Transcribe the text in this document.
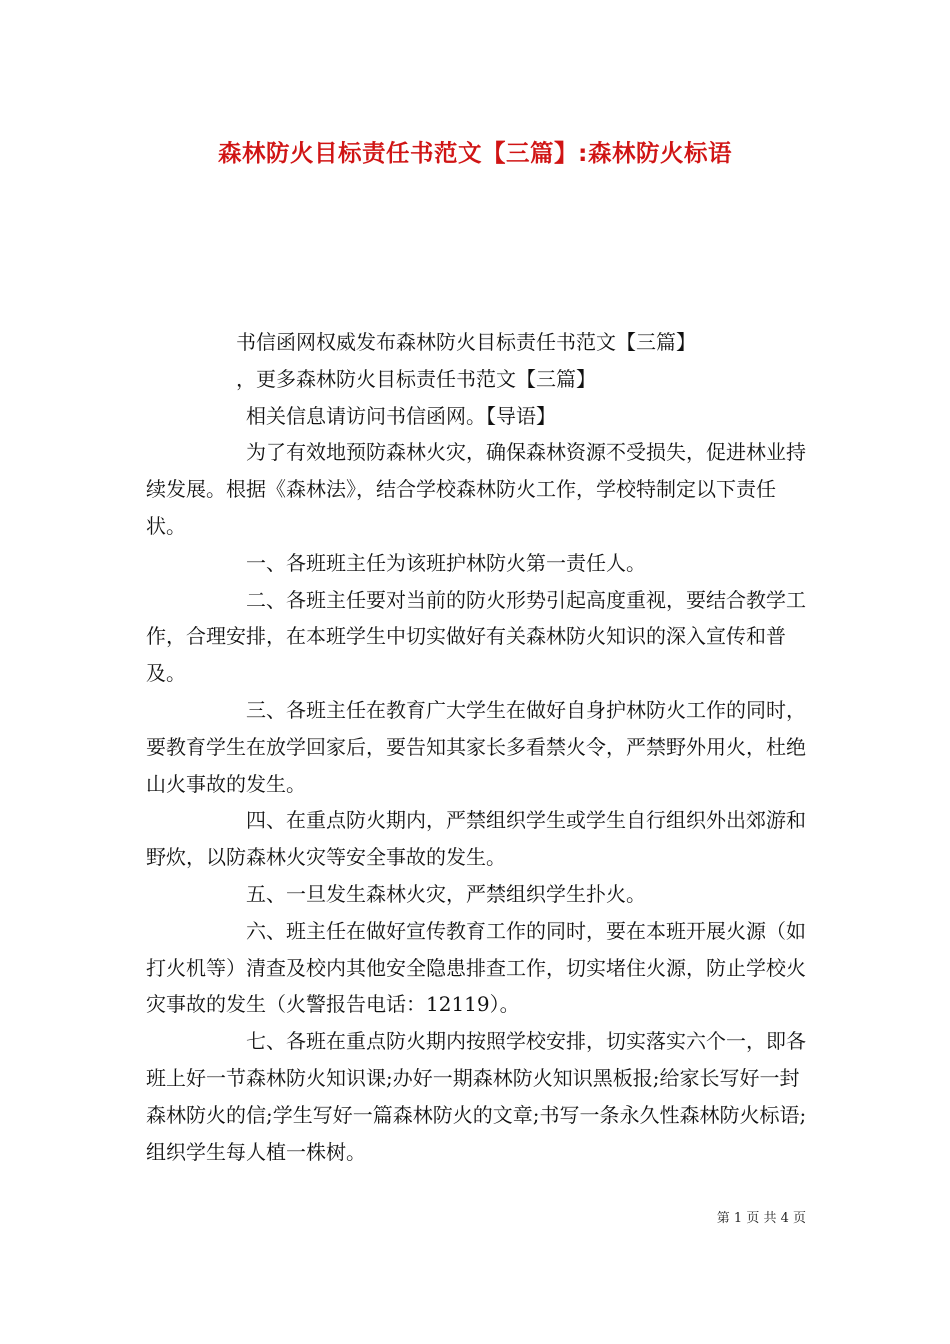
森林防火目标责任书范文【三篇】:森林防火标语

书信函网权威发布森林防火目标责任书范文【三篇】

，更多森林防火目标责任书范文【三篇】

相关信息请访问书信函网。【导语】

为了有效地预防森林火灾，确保森林资源不受损失，促进林业持续发展。根据《森林法》，结合学校森林防火工作，学校特制定以下责任状。

一、各班班主任为该班护林防火第一责任人。

二、各班主任要对当前的防火形势引起高度重视，要结合教学工作，合理安排，在本班学生中切实做好有关森林防火知识的深入宣传和普及。

三、各班主任在教育广大学生在做好自身护林防火工作的同时，要教育学生在放学回家后，要告知其家长多看禁火令，严禁野外用火，杜绝山火事故的发生。

四、在重点防火期内，严禁组织学生或学生自行组织外出郊游和野炊，以防森林火灾等安全事故的发生。

五、一旦发生森林火灾，严禁组织学生扑火。

六、班主任在做好宣传教育工作的同时，要在本班开展火源（如打火机等）清查及校内其他安全隐患排查工作，切实堵住火源，防止学校火灾事故的发生（火警报告电话：12119）。

七、各班在重点防火期内按照学校安排，切实落实六个一，即各班上好一节森林防火知识课;办好一期森林防火知识黑板报;给家长写好一封森林防火的信;学生写好一篇森林防火的文章;书写一条永久性森林防火标语;组织学生每人植一株树。

第 1 页 共 4 页
